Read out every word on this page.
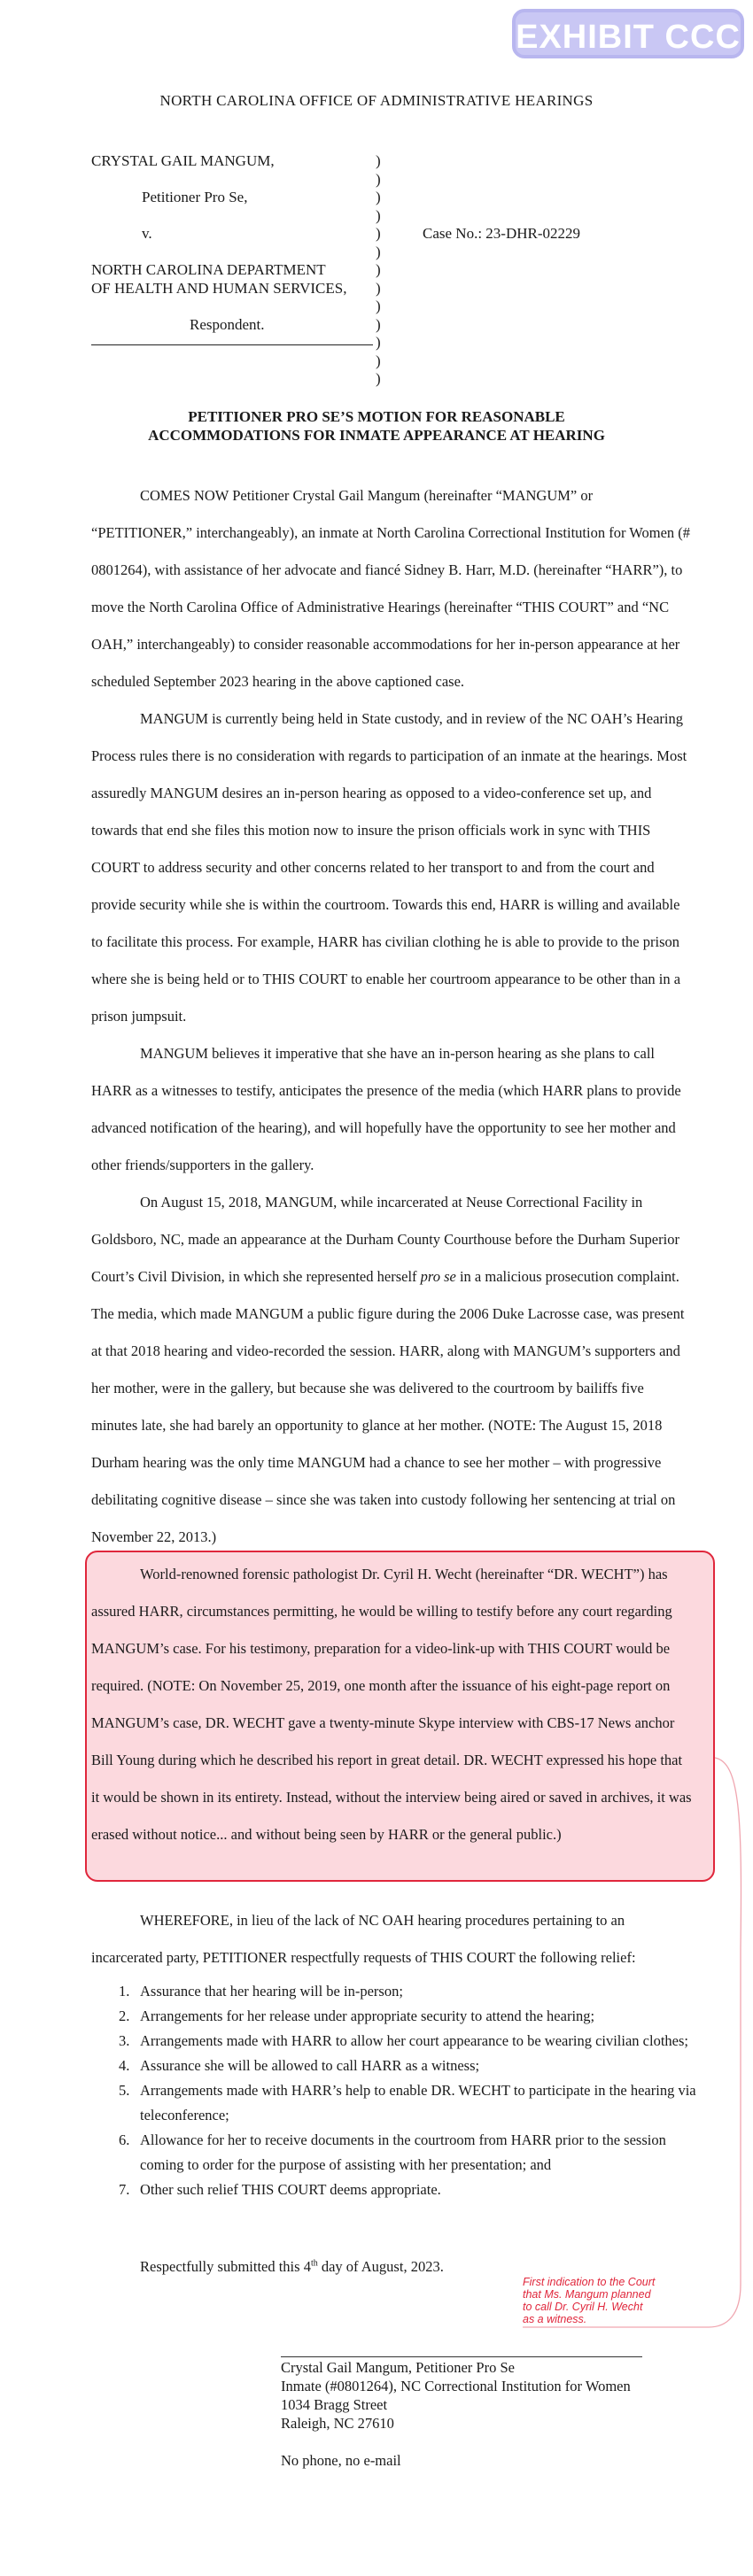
EXHIBIT CCC
NORTH CAROLINA OFFICE OF ADMINISTRATIVE HEARINGS
CRYSTAL GAIL MANGUM,
Petitioner Pro Se,
v.
NORTH CAROLINA DEPARTMENT
OF HEALTH AND HUMAN SERVICES,
Respondent.
Case No.: 23-DHR-02229
)
)
)
)
)
)
)
)
)
)
)
)
)
PETITIONER PRO SE’S MOTION FOR REASONABLE
ACCOMMODATIONS FOR INMATE APPEARANCE AT HEARING

COMES NOW Petitioner Crystal Gail Mangum (hereinafter “MANGUM” or “PETITIONER,” interchangeably), an inmate at North Carolina Correctional Institution for Women (# 0801264), with assistance of her advocate and fiancé Sidney B. Harr, M.D. (hereinafter “HARR”), to move the North Carolina Office of Administrative Hearings (hereinafter “THIS COURT” and “NC OAH,” interchangeably) to consider reasonable accommodations for her in-person appearance at her scheduled September 2023 hearing in the above captioned case.

MANGUM is currently being held in State custody, and in review of the NC OAH’s Hearing Process rules there is no consideration with regards to participation of an inmate at the hearings. Most assuredly MANGUM desires an in-person hearing as opposed to a video-conference set up, and towards that end she files this motion now to insure the prison officials work in sync with THIS COURT to address security and other concerns related to her transport to and from the court and provide security while she is within the courtroom. Towards this end, HARR is willing and available to facilitate this process. For example, HARR has civilian clothing he is able to provide to the prison where she is being held or to THIS COURT to enable her courtroom appearance to be other than in a prison jumpsuit.

MANGUM believes it imperative that she have an in-person hearing as she plans to call HARR as a witnesses to testify, anticipates the presence of the media (which HARR plans to provide advanced notification of the hearing), and will hopefully have the opportunity to see her mother and other friends/supporters in the gallery.

On August 15, 2018, MANGUM, while incarcerated at Neuse Correctional Facility in Goldsboro, NC, made an appearance at the Durham County Courthouse before the Durham Superior Court’s Civil Division, in which she represented herself pro se in a malicious prosecution complaint. The media, which made MANGUM a public figure during the 2006 Duke Lacrosse case, was present at that 2018 hearing and video-recorded the session. HARR, along with MANGUM’s supporters and her mother, were in the gallery, but because she was delivered to the courtroom by bailiffs five minutes late, she had barely an opportunity to glance at her mother. (NOTE: The August 15, 2018 Durham hearing was the only time MANGUM had a chance to see her mother – with progressive debilitating cognitive disease – since she was taken into custody following her sentencing at trial on November 22, 2013.)

World-renowned forensic pathologist Dr. Cyril H. Wecht (hereinafter “DR. WECHT”) has assured HARR, circumstances permitting, he would be willing to testify before any court regarding MANGUM’s case. For his testimony, preparation for a video-link-up with THIS COURT would be required. (NOTE: On November 25, 2019, one month after the issuance of his eight-page report on MANGUM’s case, DR. WECHT gave a twenty-minute Skype interview with CBS-17 News anchor Bill Young during which he described his report in great detail. DR. WECHT expressed his hope that it would be shown in its entirety. Instead, without the interview being aired or saved in archives, it was erased without notice... and without being seen by HARR or the general public.)

WHEREFORE, in lieu of the lack of NC OAH hearing procedures pertaining to an incarcerated party, PETITIONER respectfully requests of THIS COURT the following relief:

1. Assurance that her hearing will be in-person;
2. Arrangements for her release under appropriate security to attend the hearing;
3. Arrangements made with HARR to allow her court appearance to be wearing civilian clothes;
4. Assurance she will be allowed to call HARR as a witness;
5. Arrangements made with HARR’s help to enable DR. WECHT to participate in the hearing via teleconference;
6. Allowance for her to receive documents in the courtroom from HARR prior to the session coming to order for the purpose of assisting with her presentation; and
7. Other such relief THIS COURT deems appropriate.
Respectfully submitted this 4th day of August, 2023.
First indication to the Court that Ms. Mangum planned to call Dr. Cyril H. Wecht as a witness.
Crystal Gail Mangum, Petitioner Pro Se
Inmate (#0801264), NC Correctional Institution for Women
1034 Bragg Street
Raleigh, NC 27610
No phone, no e-mail
